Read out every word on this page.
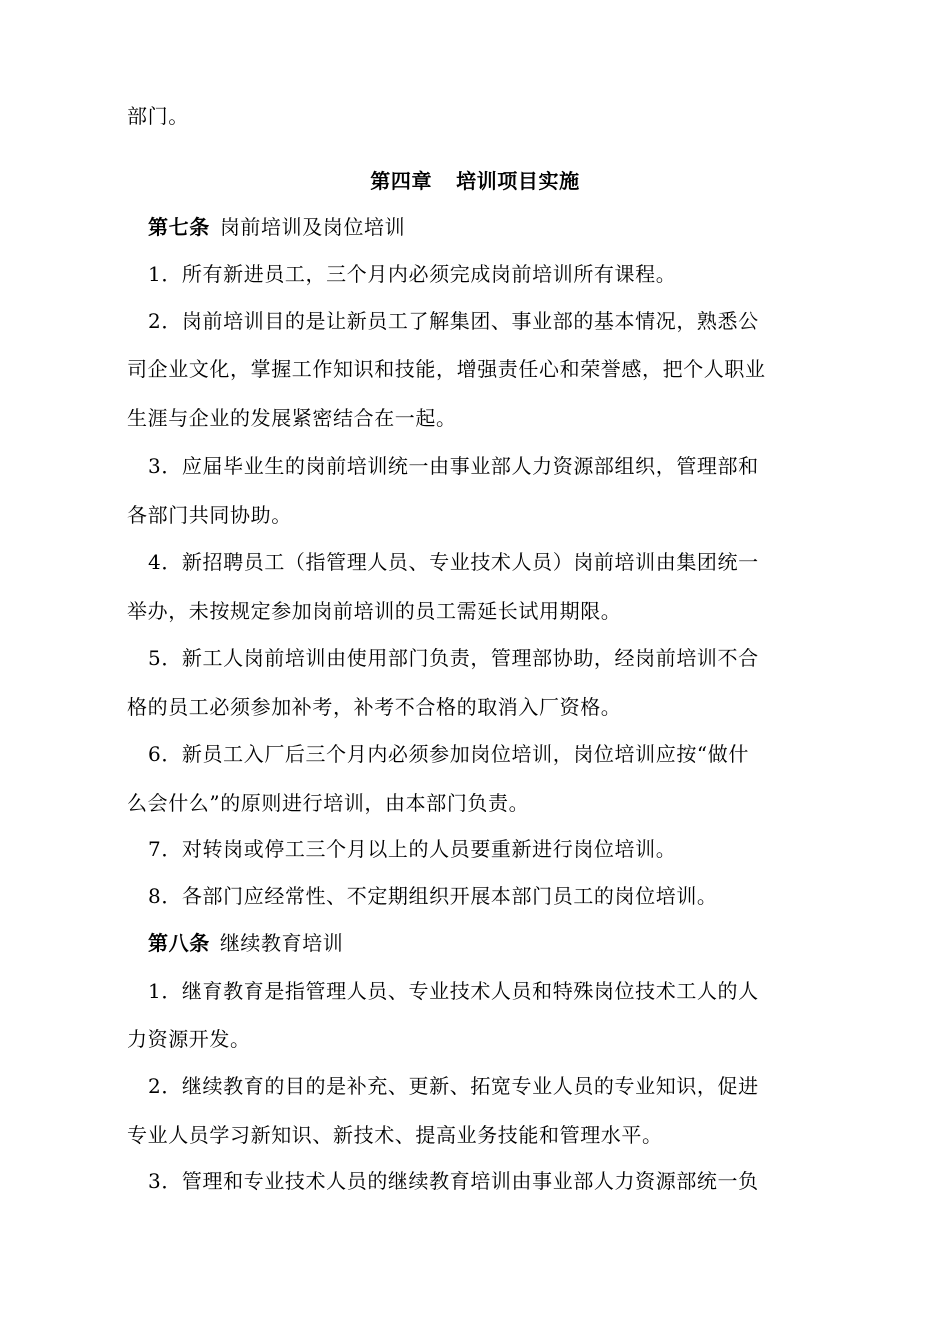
部门。
第四章 培训项目实施
第七条 岗前培训及岗位培训
1．所有新进员工，三个月内必须完成岗前培训所有课程。
2．岗前培训目的是让新员工了解集团、事业部的基本情况，熟悉公
司企业文化，掌握工作知识和技能，增强责任心和荣誉感，把个人职业
生涯与企业的发展紧密结合在一起。
3．应届毕业生的岗前培训统一由事业部人力资源部组织，管理部和
各部门共同协助。
4．新招聘员工（指管理人员、专业技术人员）岗前培训由集团统一
举办，未按规定参加岗前培训的员工需延长试用期限。
5．新工人岗前培训由使用部门负责，管理部协助，经岗前培训不合
格的员工必须参加补考，补考不合格的取消入厂资格。
6．新员工入厂后三个月内必须参加岗位培训，岗位培训应按“做什
么会什么”的原则进行培训，由本部门负责。
7．对转岗或停工三个月以上的人员要重新进行岗位培训。
8．各部门应经常性、不定期组织开展本部门员工的岗位培训。
第八条 继续教育培训
1．继育教育是指管理人员、专业技术人员和特殊岗位技术工人的人
力资源开发。
2．继续教育的目的是补充、更新、拓宽专业人员的专业知识，促进
专业人员学习新知识、新技术、提高业务技能和管理水平。
3．管理和专业技术人员的继续教育培训由事业部人力资源部统一负
